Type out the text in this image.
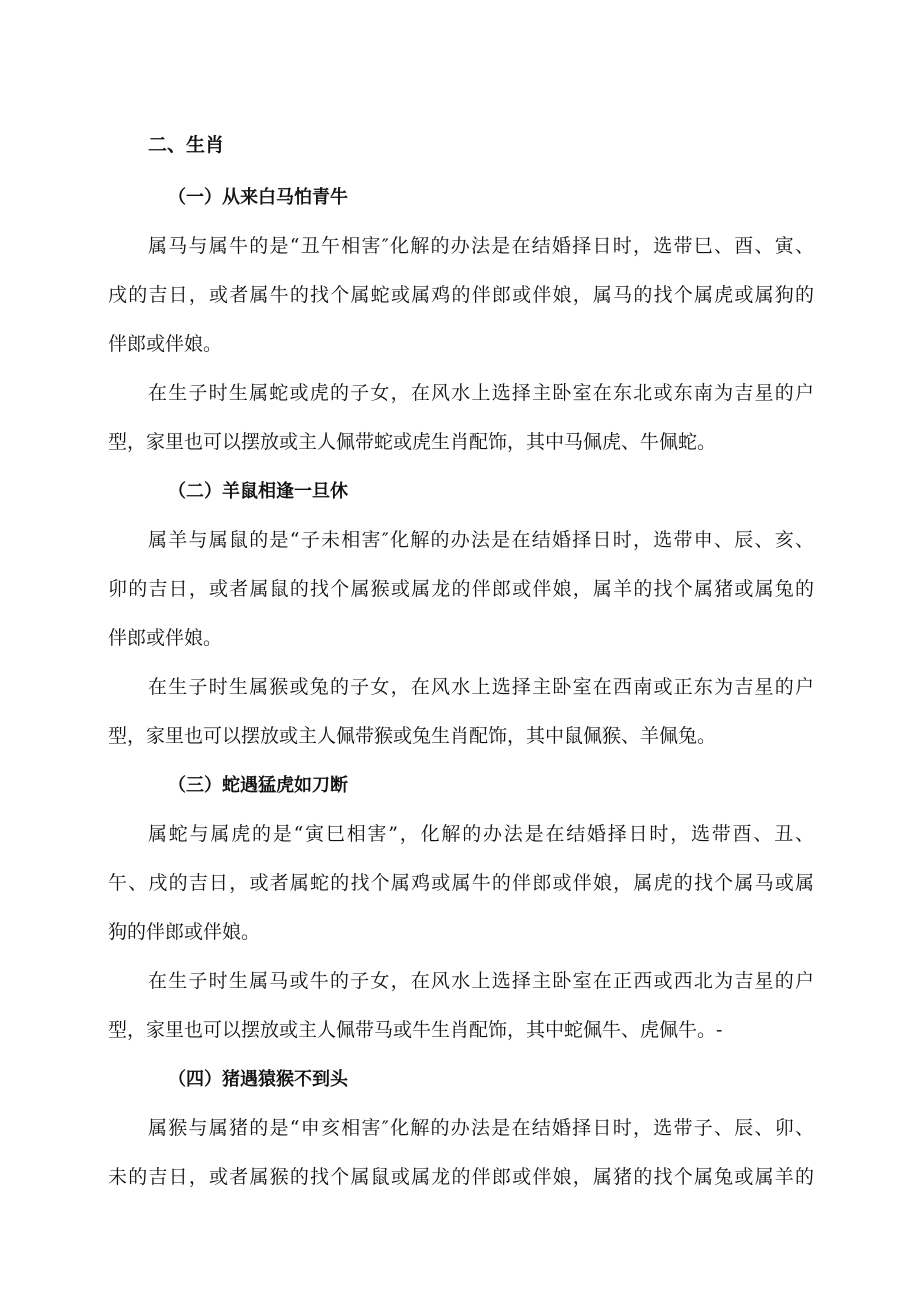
二、生肖
（一）从来白马怕青牛
属马与属牛的是“丑午相害″化解的办法是在结婚择日时，选带巳、酉、寅、
戌的吉日，或者属牛的找个属蛇或属鸡的伴郎或伴娘，属马的找个属虎或属狗的
伴郎或伴娘。
在生子时生属蛇或虎的子女，在风水上选择主卧室在东北或东南为吉星的户
型，家里也可以摆放或主人佩带蛇或虎生肖配饰，其中马佩虎、牛佩蛇。
（二）羊鼠相逢一旦休
属羊与属鼠的是“子未相害″化解的办法是在结婚择日时，选带申、辰、亥、
卯的吉日，或者属鼠的找个属猴或属龙的伴郎或伴娘，属羊的找个属猪或属兔的
伴郎或伴娘。
在生子时生属猴或兔的子女，在风水上选择主卧室在西南或正东为吉星的户
型，家里也可以摆放或主人佩带猴或兔生肖配饰，其中鼠佩猴、羊佩兔。
（三）蛇遇猛虎如刀断
属蛇与属虎的是“寅巳相害”，化解的办法是在结婚择日时，选带酉、丑、
午、戌的吉日，或者属蛇的找个属鸡或属牛的伴郎或伴娘，属虎的找个属马或属
狗的伴郎或伴娘。
在生子时生属马或牛的子女，在风水上选择主卧室在正西或西北为吉星的户
型，家里也可以摆放或主人佩带马或牛生肖配饰，其中蛇佩牛、虎佩牛。-
（四）猪遇猿猴不到头
属猴与属猪的是“申亥相害″化解的办法是在结婚择日时，选带子、辰、卯、
未的吉日，或者属猴的找个属鼠或属龙的伴郎或伴娘，属猪的找个属兔或属羊的
